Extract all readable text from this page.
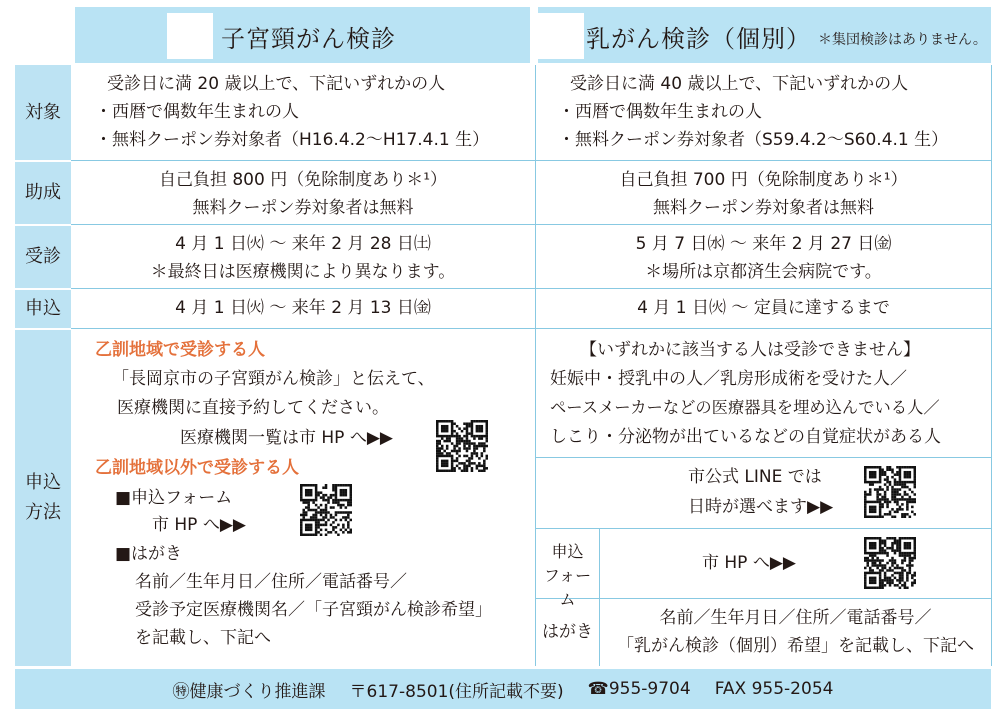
子宮頸がん検診	乳がん検診（個別） ＊集団検診はありません。
対象
助成
受診
申込
申込
方法
受診日に満 20 歳以上で、下記いずれかの人
・西暦で偶数年生まれの人
・無料クーポン券対象者（H16.4.2～H17.4.1 生）
受診日に満 40 歳以上で、下記いずれかの人
・西暦で偶数年生まれの人
・無料クーポン券対象者（S59.4.2～S60.4.1 生）
自己負担 800 円（免除制度あり＊¹）
無料クーポン券対象者は無料
自己負担 700 円（免除制度あり＊¹）
無料クーポン券対象者は無料
4 月 1 日㈫ ～ 来年 2 月 28 日㈯
＊最終日は医療機関により異なります。
5 月 7 日㈬ ～ 来年 2 月 27 日㈮
＊場所は京都済生会病院です。
4 月 1 日㈫ ～ 来年 2 月 13 日㈮	4 月 1 日㈫ ～ 定員に達するまで
乙訓地域で受診する人
「長岡京市の子宮頸がん検診」と伝えて、
医療機関に直接予約してください。
医療機関一覧は市 HP へ▶▶
乙訓地域以外で受診する人
■申込フォーム
市 HP へ▶▶
■はがき
名前／生年月日／住所／電話番号／
受診予定医療機関名／「子宮頸がん検診希望」
を記載し、下記へ
【いずれかに該当する人は受診できません】
妊娠中・授乳中の人／乳房形成術を受けた人／
ペースメーカーなどの医療器具を埋め込んでいる人／
しこり・分泌物が出ているなどの自覚症状がある人
市公式 LINE では
日時が選べます▶▶
申込
フォーム
市 HP へ▶▶
はがき
名前／生年月日／住所／電話番号／
「乳がん検診（個別）希望」を記載し、下記へ
㊕健康づくり推進課 〒617-8501(住所記載不要) ☎955-9704 FAX 955-2054
